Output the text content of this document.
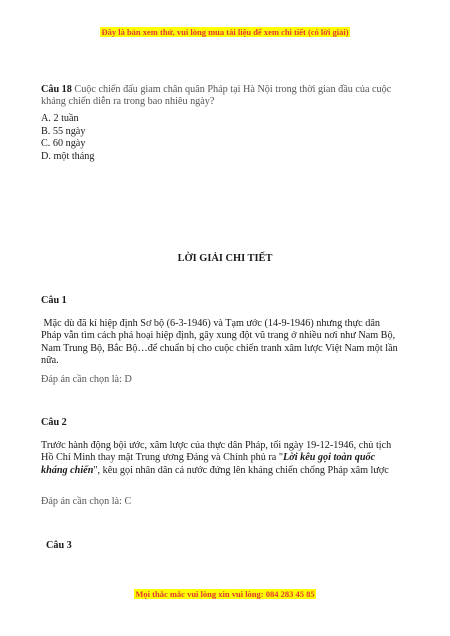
Đây là bản xem thử, vui lòng mua tài liệu để xem chi tiết (có lời giải)
Câu 18 Cuộc chiến đấu giam chân quân Pháp tại Hà Nội trong thời gian đầu của cuộc kháng chiến diễn ra trong bao nhiêu ngày?
A. 2 tuần
B. 55 ngày
C. 60 ngày
D. một tháng
LỜI GIẢI CHI TIẾT
Câu 1
Mặc dù đã kí hiệp định Sơ bộ (6-3-1946) và Tạm ước (14-9-1946) nhưng thực dân Pháp vẫn tìm cách phá hoại hiệp định, gây xung đột vũ trang ở nhiều nơi như Nam Bộ, Nam Trung Bộ, Bắc Bộ…để chuẩn bị cho cuộc chiến tranh xâm lược Việt Nam một lần nữa.
Đáp án cần chọn là: D
Câu 2
Trước hành động bội ước, xâm lược của thực dân Pháp, tối ngày 19-12-1946, chủ tịch Hồ Chí Minh thay mặt Trung ương Đảng và Chính phủ ra "Lời kêu gọi toàn quốc kháng chiến", kêu gọi nhân dân cả nước đứng lên kháng chiến chống Pháp xâm lược
Đáp án cần chọn là: C
Câu 3
Mọi thắc mắc vui lòng xin vui lòng: 084 283 45 85
